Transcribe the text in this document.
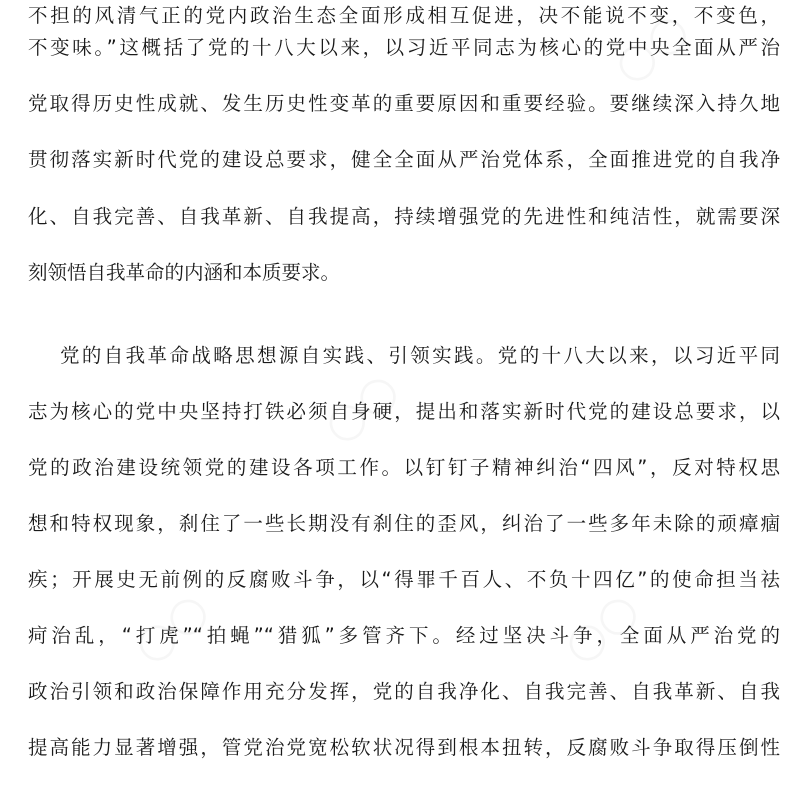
○○
○○
○○	○○
不担的风清气正的党内政治生态全面形成相互促进，决不能说不变，不变色，
不变味。”这概括了党的十八大以来，以习近平同志为核心的党中央全面从严治
党取得历史性成就、发生历史性变革的重要原因和重要经验。要继续深入持久地
贯彻落实新时代党的建设总要求，健全全面从严治党体系，全面推进党的自我净
化、自我完善、自我革新、自我提高，持续增强党的先进性和纯洁性，就需要深
刻领悟自我革命的内涵和本质要求。
党的自我革命战略思想源自实践、引领实践。党的十八大以来，以习近平同
志为核心的党中央坚持打铁必须自身硬，提出和落实新时代党的建设总要求，以
党的政治建设统领党的建设各项工作。以钉钉子精神纠治“四风”，反对特权思
想和特权现象，刹住了一些长期没有刹住的歪风，纠治了一些多年未除的顽瘴痼
疾；开展史无前例的反腐败斗争，以“得罪千百人、不负十四亿”的使命担当祛
疴治乱，“打虎”“拍蝇”“猎狐”多管齐下。经过坚决斗争，全面从严治党的
政治引领和政治保障作用充分发挥，党的自我净化、自我完善、自我革新、自我
提高能力显著增强，管党治党宽松软状况得到根本扭转，反腐败斗争取得压倒性
